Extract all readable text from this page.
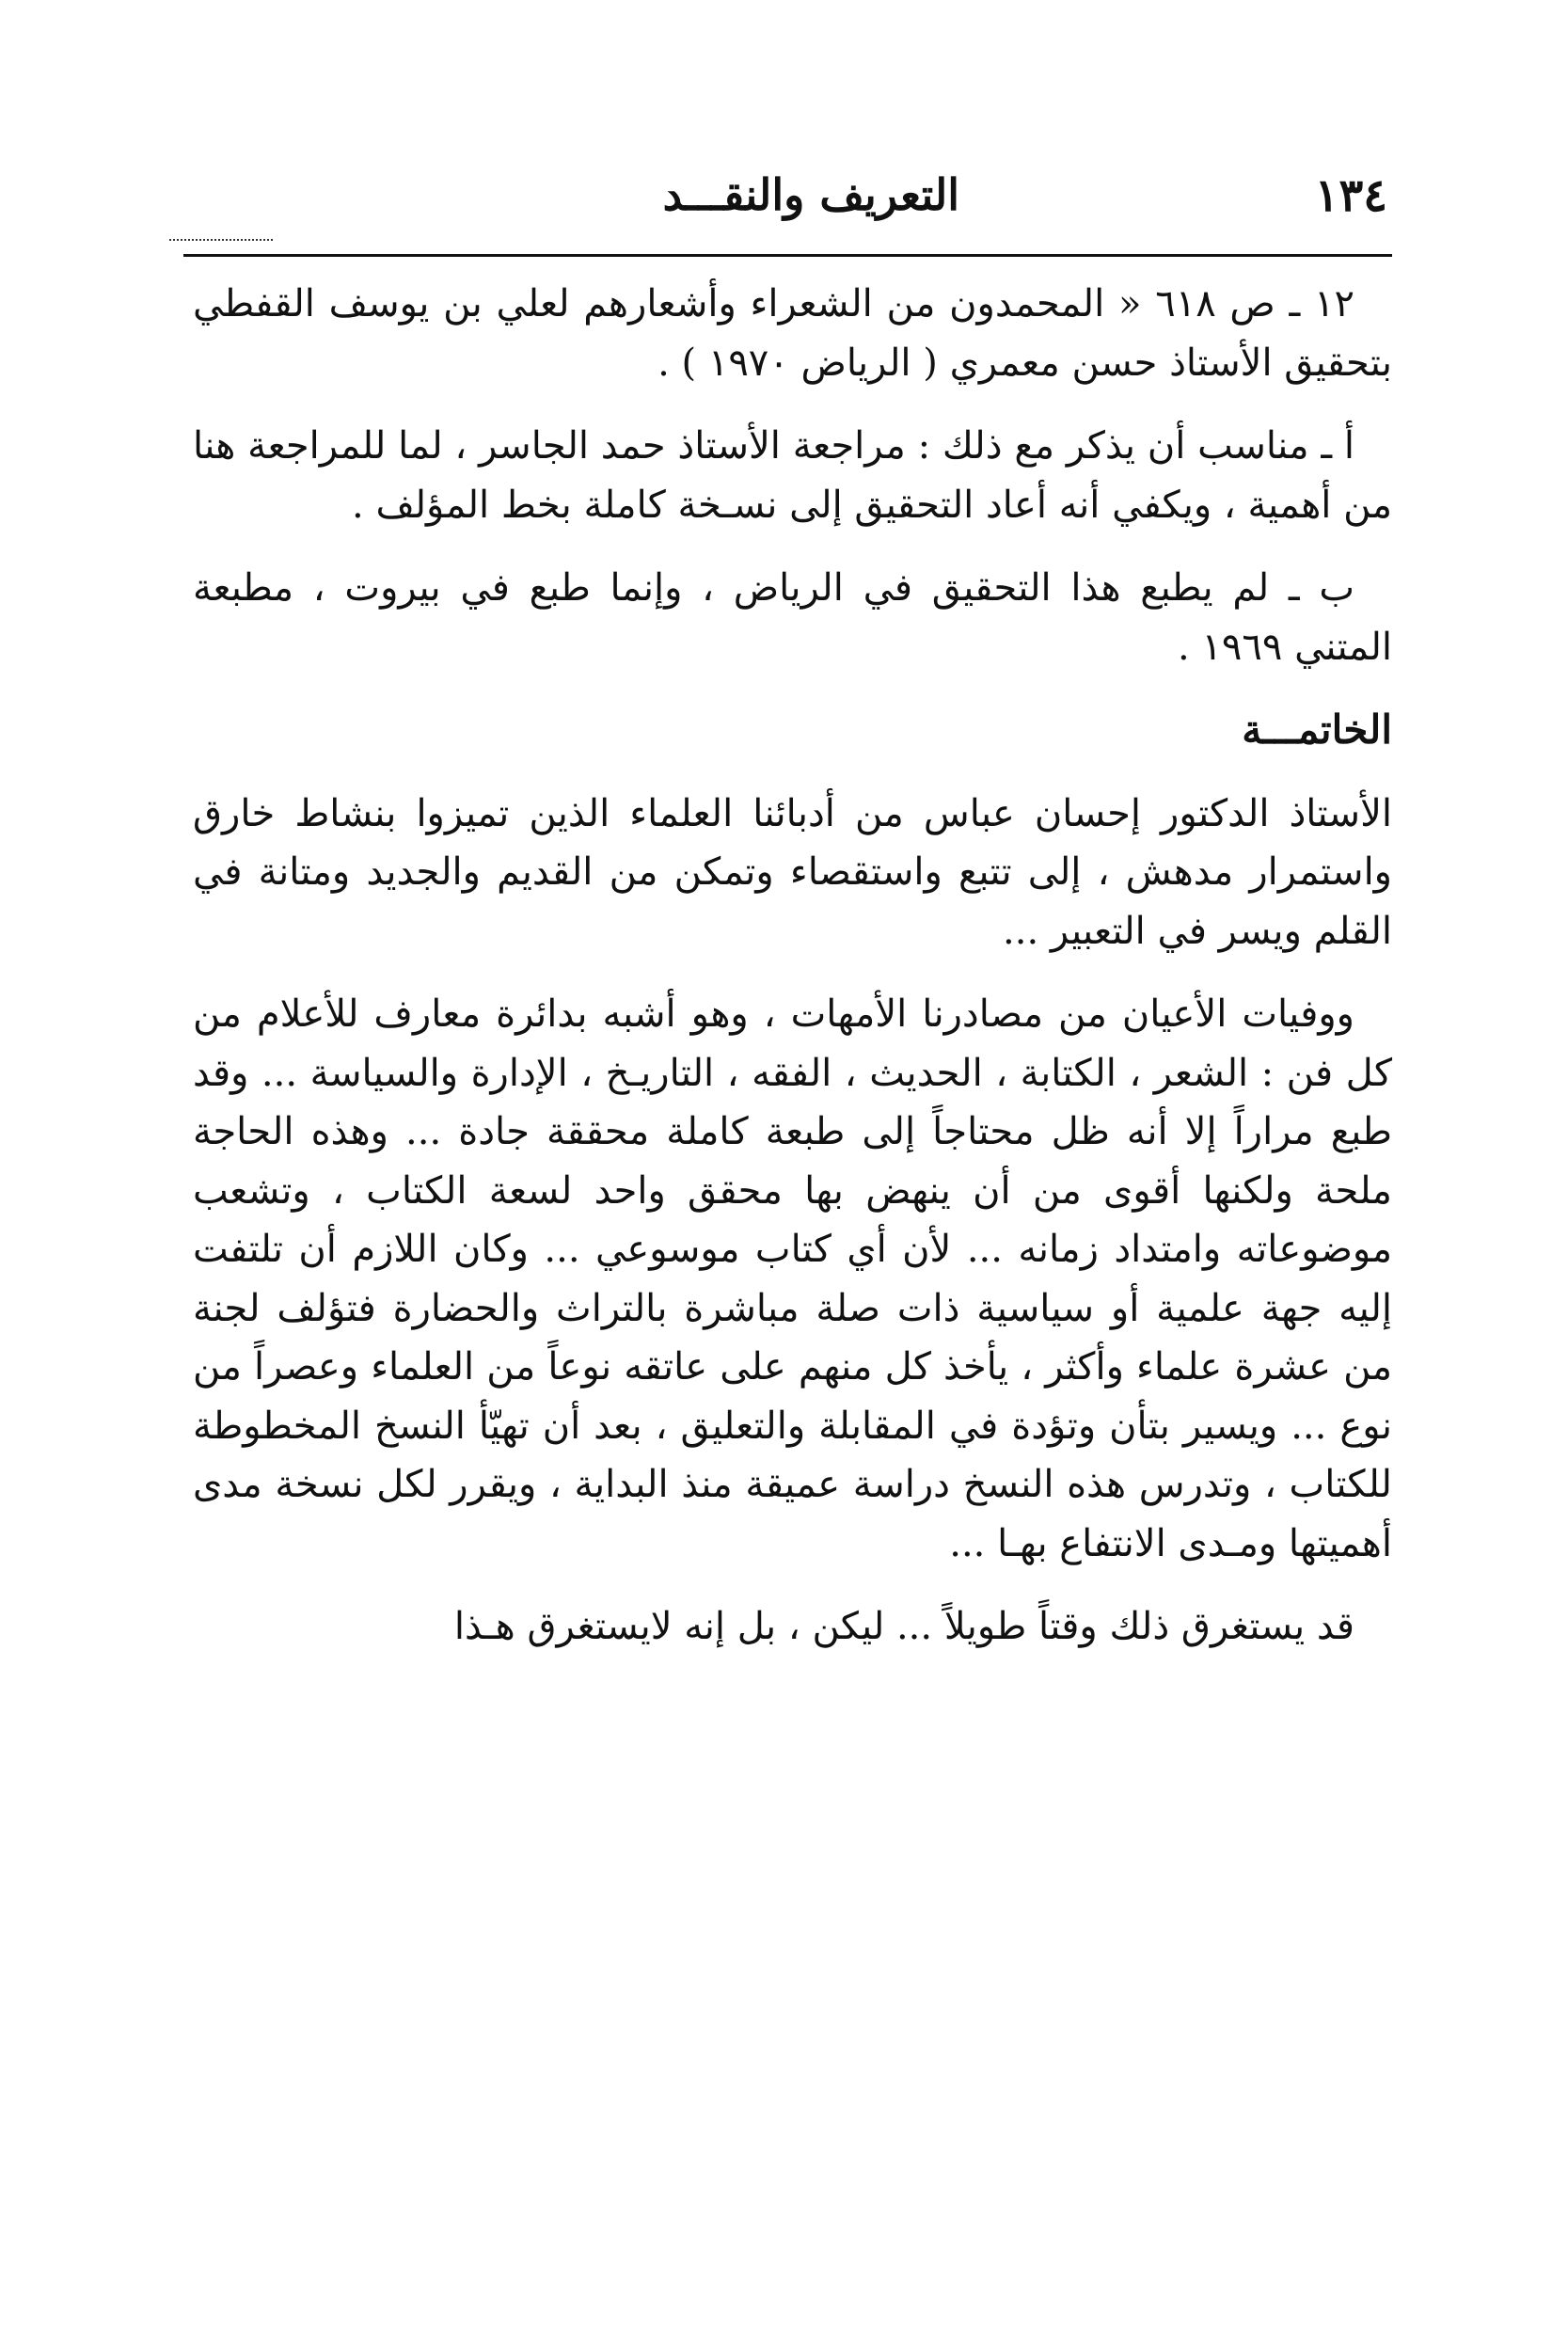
١٣٤
التعريف والنقـــد

١٢ ـ ص ٦١٨ « المحمدون من الشعراء وأشعارهم لعلي بن يوسف القفطي بتحقيق الأستاذ حسن معمري ( الرياض ١٩٧٠ ) .

أ ـ مناسب أن يذكر مع ذلك : مراجعة الأستاذ حمد الجاسر ، لما للمراجعة هنا من أهمية ، ويكفي أنه أعاد التحقيق إلى نسـخة كاملة بخط المؤلف .

ب ـ لم يطبع هذا التحقيق في الرياض ، وإنما طبع في بيروت ، مطبعة المتني ١٩٦٩ .

الخاتمـــة

الأستاذ الدكتور إحسان عباس من أدبائنا العلماء الذين تميزوا بنشاط خارق واستمرار مدهش ، إلى تتبع واستقصاء وتمكن من القديم والجديد ومتانة في القلم ويسر في التعبير ...

ووفيات الأعيان من مصادرنا الأمهات ، وهو أشبه بدائرة معارف للأعلام من كل فن : الشعر ، الكتابة ، الحديث ، الفقه ، التاريـخ ، الإدارة والسياسة ... وقد طبع مراراً إلا أنه ظل محتاجاً إلى طبعة كاملة محققة جادة ... وهذه الحاجة ملحة ولكنها أقوى من أن ينهض بها محقق واحد لسعة الكتاب ، وتشعب موضوعاته وامتداد زمانه ... لأن أي كتاب موسوعي ... وكان اللازم أن تلتفت إليه جهة علمية أو سياسية ذات صلة مباشرة بالتراث والحضارة فتؤلف لجنة من عشرة علماء وأكثر ، يأخذ كل منهم على عاتقه نوعاً من العلماء وعصراً من نوع ... ويسير بتأن وتؤدة في المقابلة والتعليق ، بعد أن تهيّأ النسخ المخطوطة للكتاب ، وتدرس هذه النسخ دراسة عميقة منذ البداية ، ويقرر لكل نسخة مدى أهميتها ومـدى الانتفاع بهـا ...

قد يستغرق ذلك وقتاً طويلاً ... ليكن ، بل إنه لايستغرق هـذا
